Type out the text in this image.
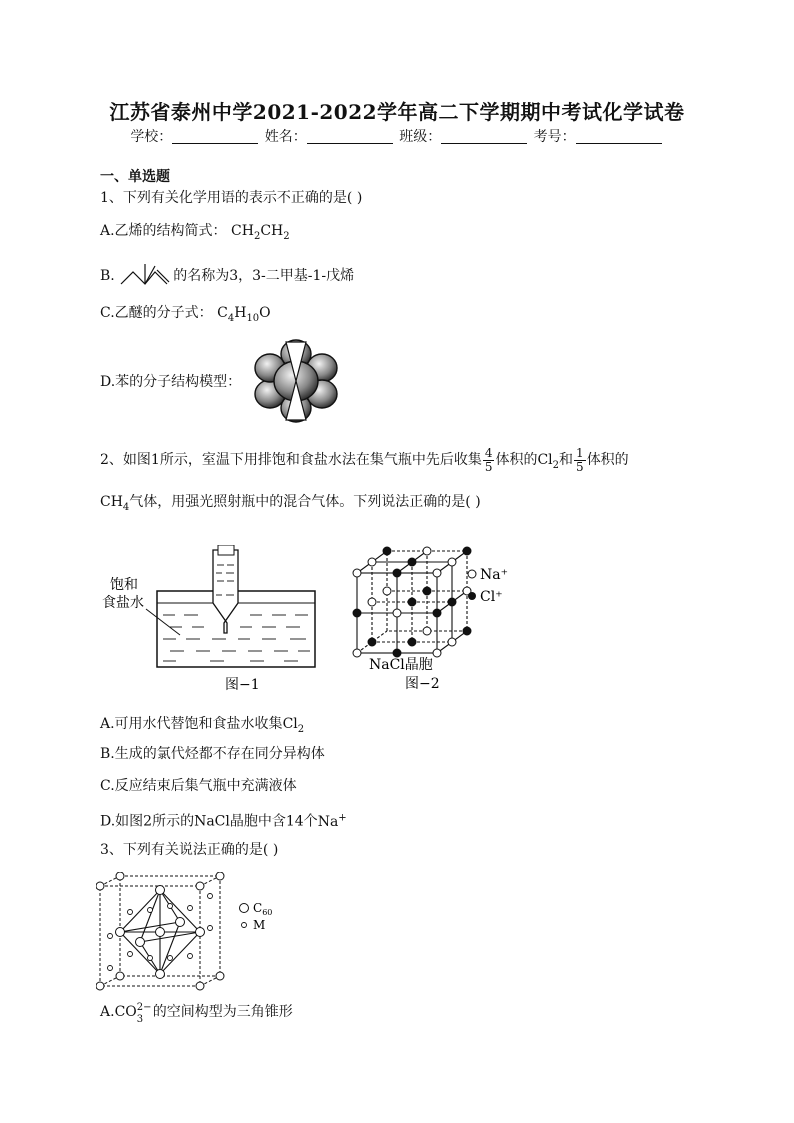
江苏省泰州中学2021-2022学年高二下学期期中考试化学试卷
学校：	姓名：	班级：	考号：
一、单选题
1、下列有关化学用语的表示不正确的是( )
A.乙烯的结构简式： $CH_2CH_2$
B.	的名称为3，3-二甲基-1-戊烯
C.乙醚的分子式： $C_4H_{10}O$
D.苯的分子结构模型：
2、如图1所示，室温下用排饱和食盐水法在集气瓶中先后收集 $\frac{4}{5}$ 体积的$Cl_2$和 $\frac{1}{5}$ 体积的
$CH_4$气体，用强光照射瓶中的混合气体。下列说法正确的是( )
饱和
食盐水
图−1
Na⁺
Cl⁺
NaCl晶胞
图−2
A.可用水代替饱和食盐水收集$Cl_2$
B.生成的氯代烃都不存在同分异构体
C.反应结束后集气瓶中充满液体
D.如图2所示的NaCl晶胞中含14个Na+
3、下列有关说法正确的是( )
$C_{60}$
M
A.CO 2−
3 的空间构型为三角锥形
